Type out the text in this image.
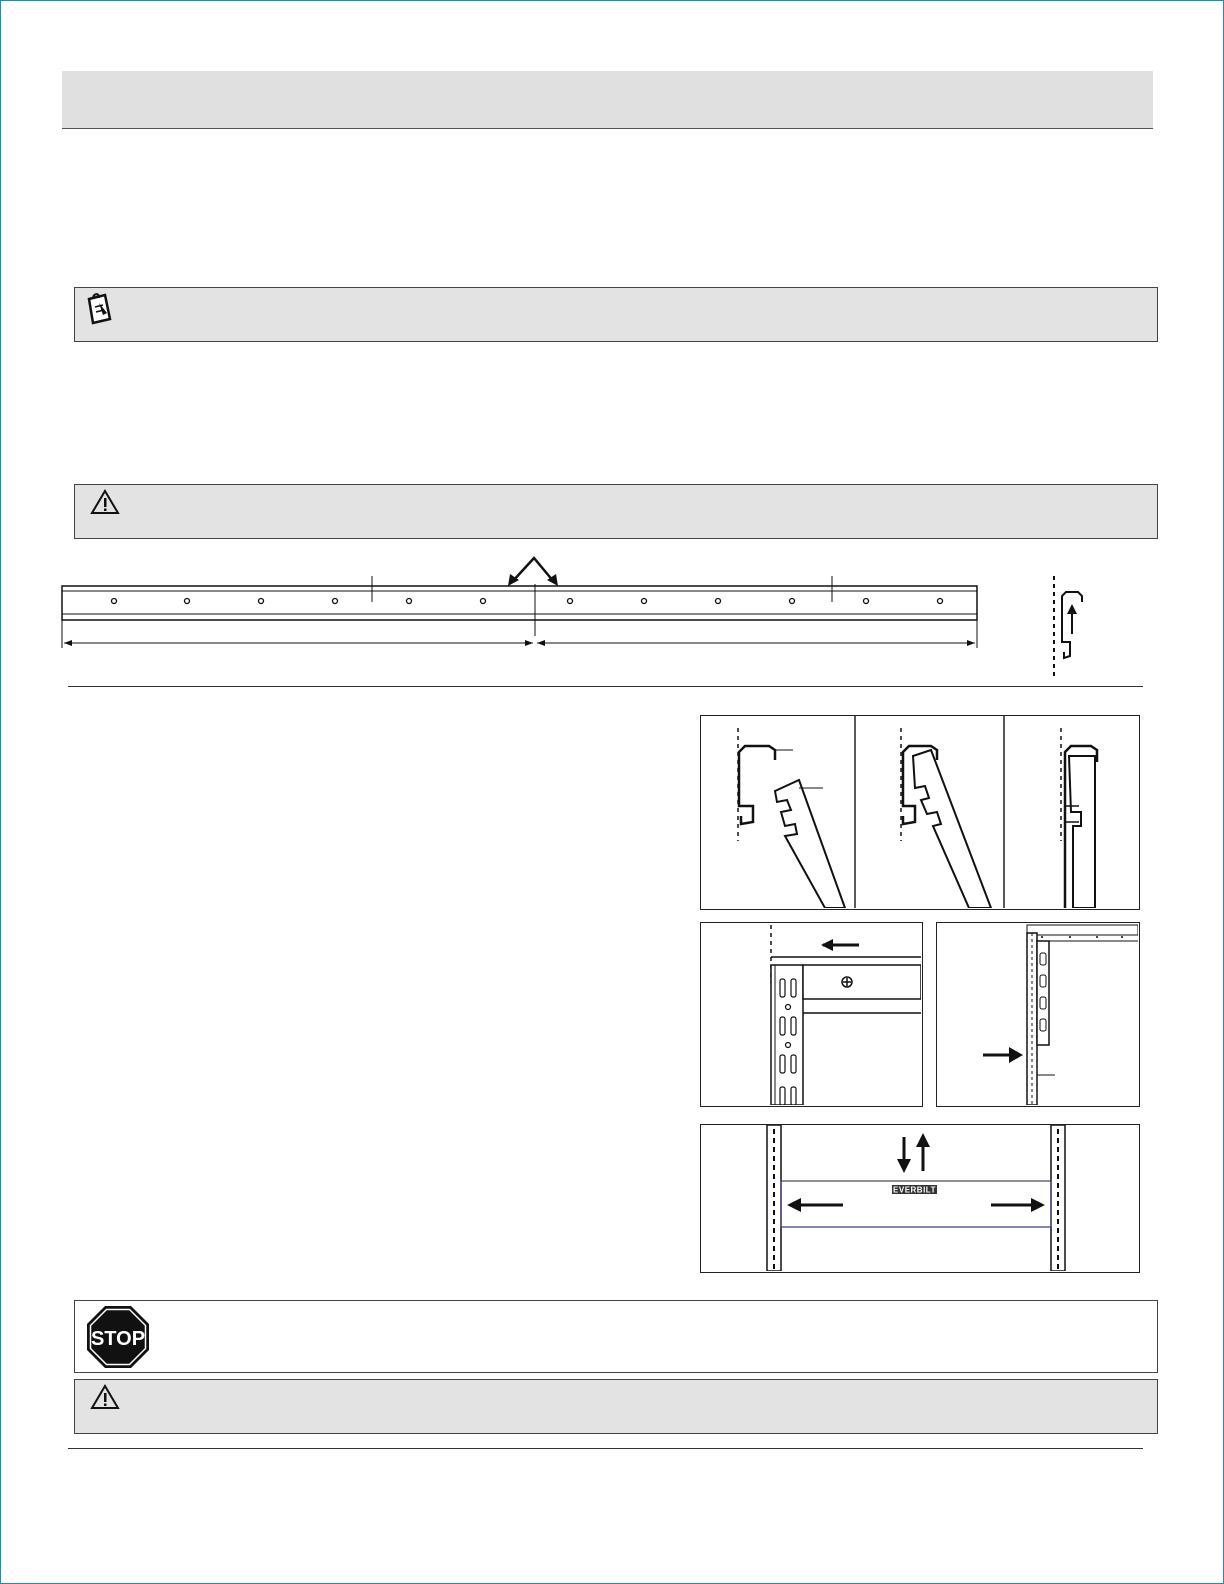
EVERBILT
STOP
